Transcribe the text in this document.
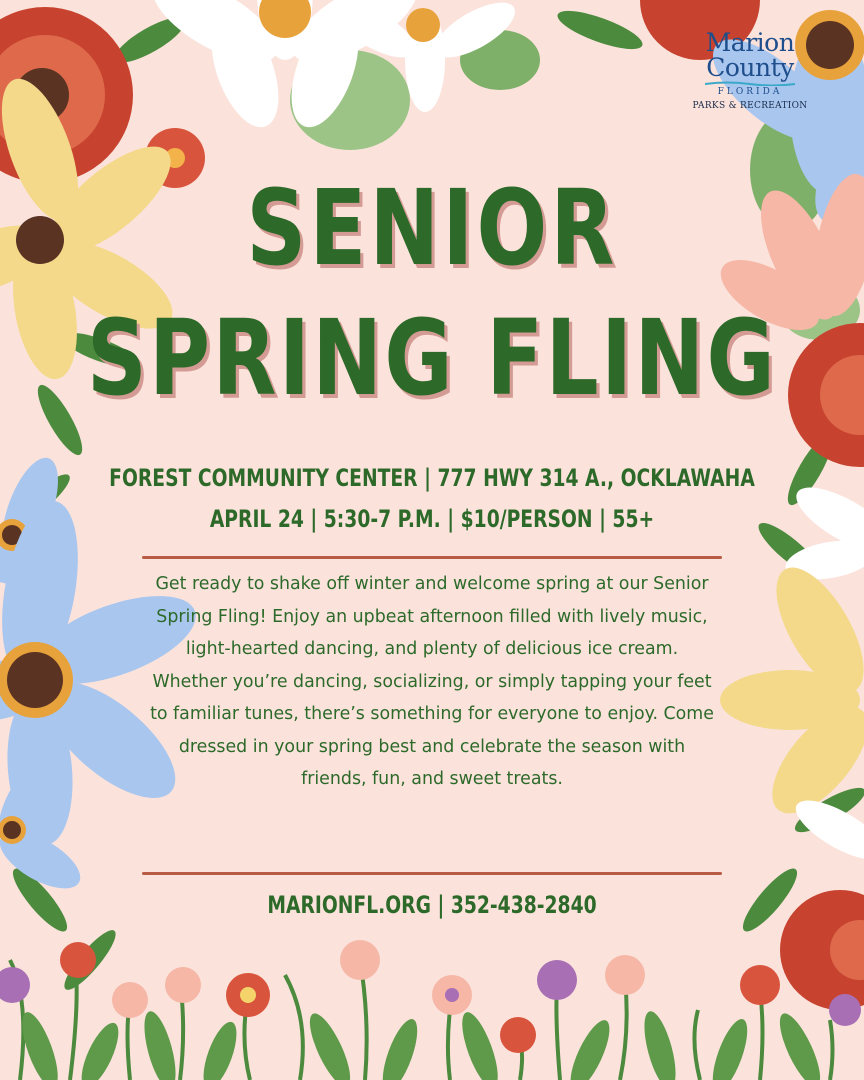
Marion
County
FLORIDA
PARKS & RECREATION
SENIOR
SPRING FLING
FOREST COMMUNITY CENTER | 777 HWY 314 A., OCKLAWAHA
APRIL 24 | 5:30-7 P.M. | $10/PERSON | 55+
Get ready to shake off winter and welcome spring at our Senior Spring Fling! Enjoy an upbeat afternoon filled with lively music, light-hearted dancing, and plenty of delicious ice cream. Whether you’re dancing, socializing, or simply tapping your feet to familiar tunes, there’s something for everyone to enjoy. Come dressed in your spring best and celebrate the season with friends, fun, and sweet treats.
MARIONFL.ORG | 352-438-2840
